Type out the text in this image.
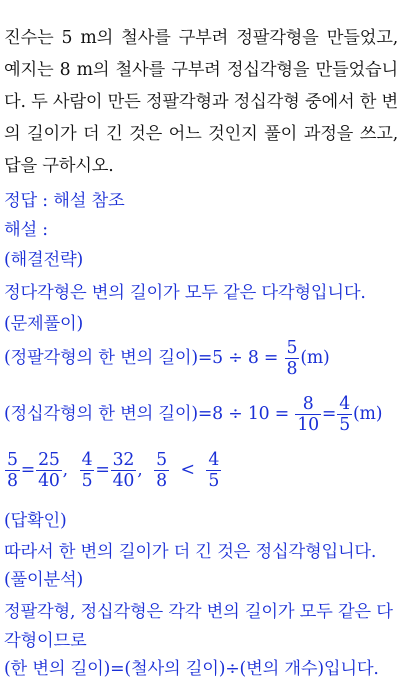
진수는 5 m의 철사를 구부려 정팔각형을 만들었고, 예지는 8 m의 철사를 구부려 정십각형을 만들었습니다. 두 사람이 만든 정팔각형과 정십각형 중에서 한 변의 길이가 더 긴 것은 어느 것인지 풀이 과정을 쓰고, 답을 구하시오.
정답 : 해설 참조
해설 :
(해결전략)
정다각형은 변의 길이가 모두 같은 다각형입니다.
(문제풀이)
(정팔각형의 한 변의 길이)$=5 \div 8 = \frac{5}{8} (m)$
(정십각형의 한 변의 길이)$=8 \div 10 = \frac{8}{10} = \frac{4}{5} (m)$
$\frac{5}{8} = \frac{25}{40}$ , $\frac{4}{5} = \frac{32}{40}$ , $\frac{5}{8} < \frac{4}{5}$
(답확인)
따라서 한 변의 길이가 더 긴 것은 정십각형입니다.
(풀이분석)
정팔각형, 정십각형은 각각 변의 길이가 모두 같은 다
각형이므로
(한 변의 길이)=(철사의 길이)÷(변의 개수)입니다.
